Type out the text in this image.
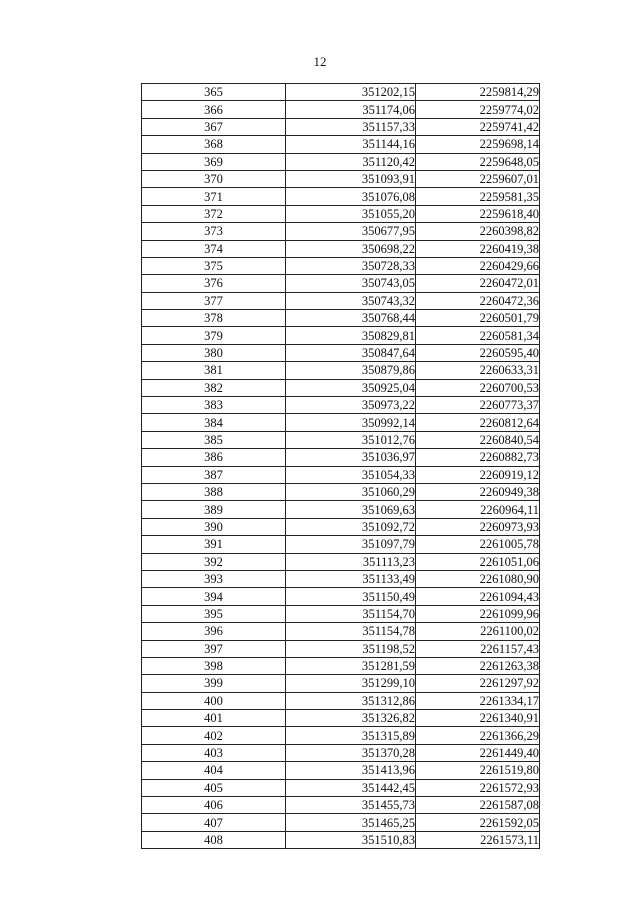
12
365	351202,15	2259814,29
366	351174,06	2259774,02
367	351157,33	2259741,42
368	351144,16	2259698,14
369	351120,42	2259648,05
370	351093,91	2259607,01
371	351076,08	2259581,35
372	351055,20	2259618,40
373	350677,95	2260398,82
374	350698,22	2260419,38
375	350728,33	2260429,66
376	350743,05	2260472,01
377	350743,32	2260472,36
378	350768,44	2260501,79
379	350829,81	2260581,34
380	350847,64	2260595,40
381	350879,86	2260633,31
382	350925,04	2260700,53
383	350973,22	2260773,37
384	350992,14	2260812,64
385	351012,76	2260840,54
386	351036,97	2260882,73
387	351054,33	2260919,12
388	351060,29	2260949,38
389	351069,63	2260964,11
390	351092,72	2260973,93
391	351097,79	2261005,78
392	351113,23	2261051,06
393	351133,49	2261080,90
394	351150,49	2261094,43
395	351154,70	2261099,96
396	351154,78	2261100,02
397	351198,52	2261157,43
398	351281,59	2261263,38
399	351299,10	2261297,92
400	351312,86	2261334,17
401	351326,82	2261340,91
402	351315,89	2261366,29
403	351370,28	2261449,40
404	351413,96	2261519,80
405	351442,45	2261572,93
406	351455,73	2261587,08
407	351465,25	2261592,05
408	351510,83	2261573,11
